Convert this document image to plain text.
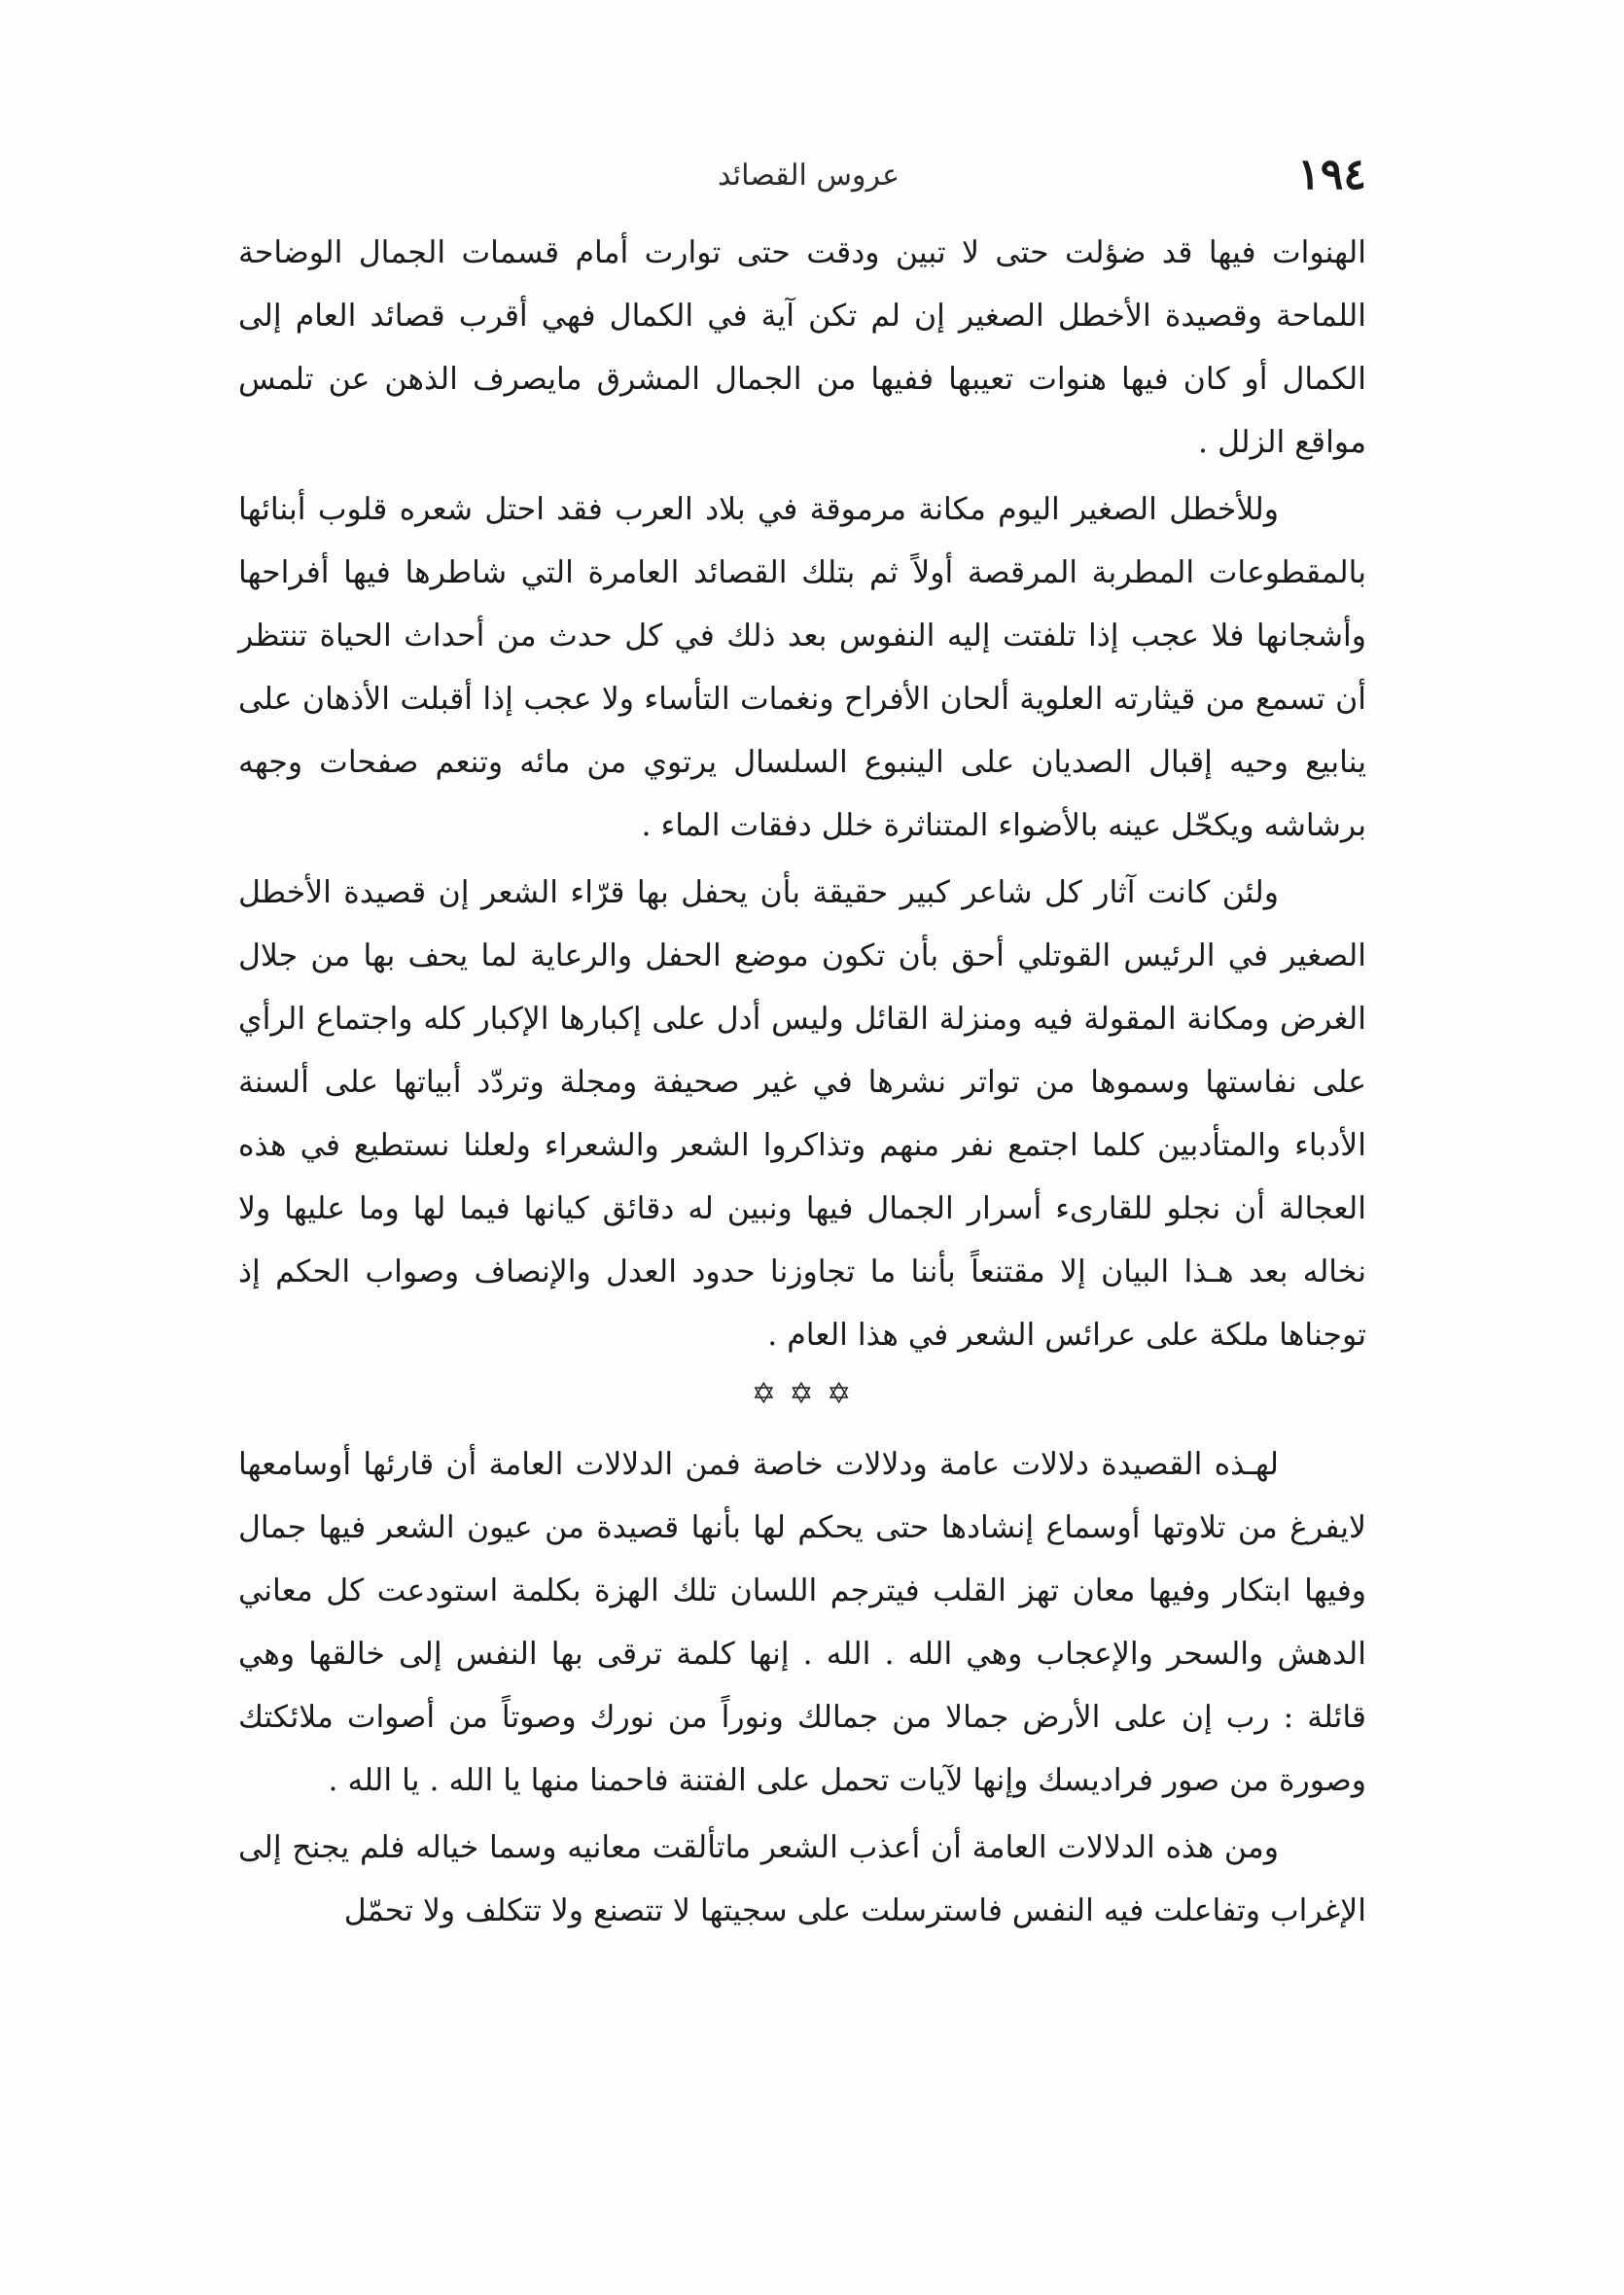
١٩٤
عروس القصائد

الهنوات فيها قد ضؤلت حتى لا تبين ودقت حتى توارت أمام قسمات الجمال الوضاحة اللماحة وقصيدة الأخطل الصغير إن لم تكن آية في الكمال فهي أقرب قصائد العام إلى الكمال أو كان فيها هنوات تعيبها ففيها من الجمال المشرق مايصرف الذهن عن تلمس مواقع الزلل .

وللأخطل الصغير اليوم مكانة مرموقة في بلاد العرب فقد احتل شعره قلوب أبنائها بالمقطوعات المطربة المرقصة أولاً ثم بتلك القصائد العامرة التي شاطرها فيها أفراحها وأشجانها فلا عجب إذا تلفتت إليه النفوس بعد ذلك في كل حدث من أحداث الحياة تنتظر أن تسمع من قيثارته العلوية ألحان الأفراح ونغمات التأساء ولا عجب إذا أقبلت الأذهان على ينابيع وحيه إقبال الصديان على الينبوع السلسال يرتوي من مائه وتنعم صفحات وجهه برشاشه ويكحّل عينه بالأضواء المتناثرة خلل دفقات الماء .

ولئن كانت آثار كل شاعر كبير حقيقة بأن يحفل بها قرّاء الشعر إن قصيدة الأخطل الصغير في الرئيس القوتلي أحق بأن تكون موضع الحفل والرعاية لما يحف بها من جلال الغرض ومكانة المقولة فيه ومنزلة القائل وليس أدل على إكبارها الإكبار كله واجتماع الرأي على نفاستها وسموها من تواتر نشرها في غير صحيفة ومجلة وتردّد أبياتها على ألسنة الأدباء والمتأدبين كلما اجتمع نفر منهم وتذاكروا الشعر والشعراء ولعلنا نستطيع في هذه العجالة أن نجلو للقارىء أسرار الجمال فيها ونبين له دقائق كيانها فيما لها وما عليها ولا نخاله بعد هـذا البيان إلا مقتنعاً بأننا ما تجاوزنا حدود العدل والإنصاف وصواب الحكم إذ توجناها ملكة على عرائس الشعر في هذا العام .

✡ ✡ ✡

لهـذه القصيدة دلالات عامة ودلالات خاصة فمن الدلالات العامة أن قارئها أوسامعها لايفرغ من تلاوتها أوسماع إنشادها حتى يحكم لها بأنها قصيدة من عيون الشعر فيها جمال وفيها ابتكار وفيها معان تهز القلب فيترجم اللسان تلك الهزة بكلمة استودعت كل معاني الدهش والسحر والإعجاب وهي الله . الله . إنها كلمة ترقى بها النفس إلى خالقها وهي قائلة : رب إن على الأرض جمالا من جمالك ونوراً من نورك وصوتاً من أصوات ملائكتك وصورة من صور فراديسك وإنها لآيات تحمل على الفتنة فاحمنا منها يا الله . يا الله .

ومن هذه الدلالات العامة أن أعذب الشعر ماتألقت معانيه وسما خياله فلم يجنح إلى الإغراب وتفاعلت فيه النفس فاسترسلت على سجيتها لا تتصنع ولا تتكلف ولا تحمّل
